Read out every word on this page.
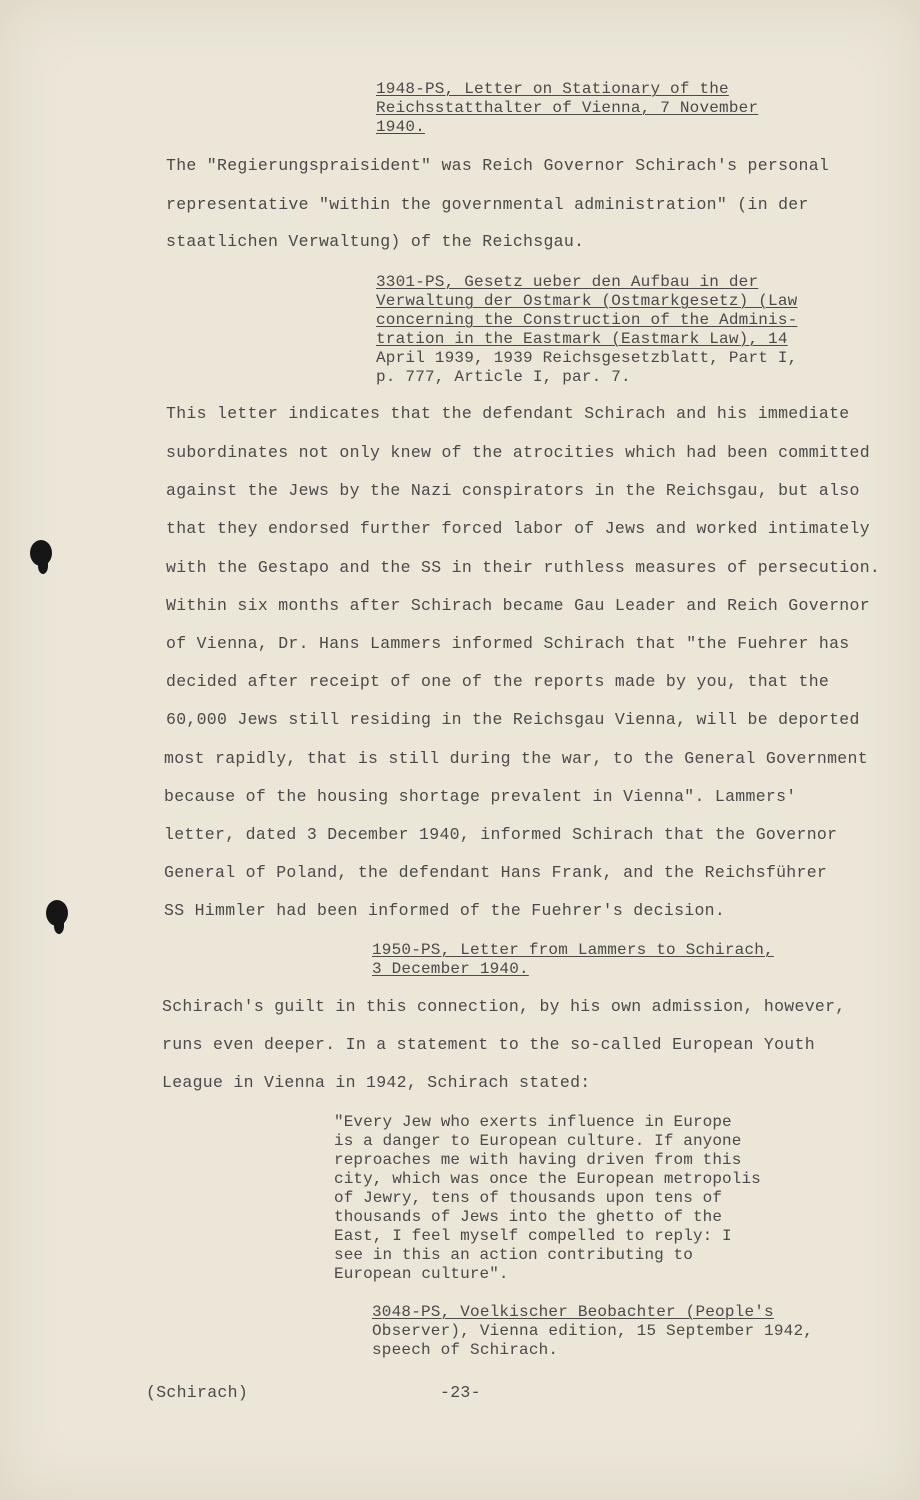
1948-PS, Letter on Stationary of the

Reichsstatthalter of Vienna, 7 November

1940.

The "Regierungspraisident" was Reich Governor Schirach's personal

representative "within the governmental administration" (in der

staatlichen Verwaltung) of the Reichsgau.

3301-PS, Gesetz ueber den Aufbau in der

Verwaltung der Ostmark (Ostmarkgesetz) (Law

concerning the Construction of the Adminis-

tration in the Eastmark (Eastmark Law), 14

April 1939, 1939 Reichsgesetzblatt, Part I,

p. 777, Article I, par. 7.

This letter indicates that the defendant Schirach and his immediate

subordinates not only knew of the atrocities which had been committed

against the Jews by the Nazi conspirators in the Reichsgau, but also

that they endorsed further forced labor of Jews and worked intimately

with the Gestapo and the SS in their ruthless measures of persecution.

Within six months after Schirach became Gau Leader and Reich Governor

of Vienna, Dr. Hans Lammers informed Schirach that "the Fuehrer has

decided after receipt of one of the reports made by you, that the

60,000 Jews still residing in the Reichsgau Vienna, will be deported

most rapidly, that is still during the war, to the General Government

because of the housing shortage prevalent in Vienna". Lammers'

letter, dated 3 December 1940, informed Schirach that the Governor

General of Poland, the defendant Hans Frank, and the Reichsführer

SS Himmler had been informed of the Fuehrer's decision.

1950-PS, Letter from Lammers to Schirach,

3 December 1940.

Schirach's guilt in this connection, by his own admission, however,

runs even deeper. In a statement to the so-called European Youth

League in Vienna in 1942, Schirach stated:

"Every Jew who exerts influence in Europe

is a danger to European culture. If anyone

reproaches me with having driven from this

city, which was once the European metropolis

of Jewry, tens of thousands upon tens of

thousands of Jews into the ghetto of the

East, I feel myself compelled to reply: I

see in this an action contributing to

European culture".

3048-PS, Voelkischer Beobachter (People's

Observer), Vienna edition, 15 September 1942,

speech of Schirach.

(Schirach)	-23-
